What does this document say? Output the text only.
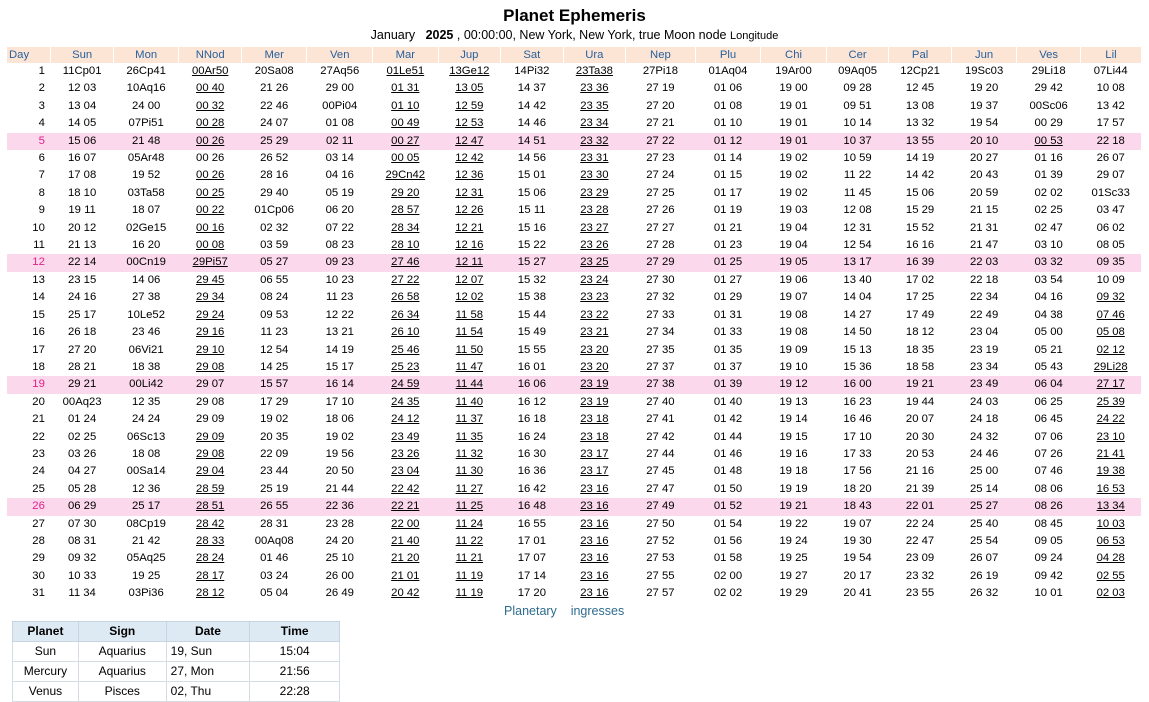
Planet Ephemeris
January 2025 , 00:00:00, New York, New York, true Moon node Longitude
Day	Sun	Mon	NNod	Mer	Ven	Mar	Jup	Sat	Ura	Nep	Plu	Chi	Cer	Pal	Jun	Ves	Lil
1	11Cp01	26Cp41	00Ar50	20Sa08	27Aq56	01Le51	13Ge12	14Pi32	23Ta38	27Pi18	01Aq04	19Ar00	09Aq05	12Cp21	19Sc03	29Li18	07Li44
2	12 03	10Aq16	00 40	21 26	29 00	01 31	13 05	14 37	23 36	27 19	01 06	19 00	09 28	12 45	19 20	29 42	10 08
3	13 04	24 00	00 32	22 46	00Pi04	01 10	12 59	14 42	23 35	27 20	01 08	19 01	09 51	13 08	19 37	00Sc06	13 42
4	14 05	07Pi51	00 28	24 07	01 08	00 49	12 53	14 46	23 34	27 21	01 10	19 01	10 14	13 32	19 54	00 29	17 57
5	15 06	21 48	00 26	25 29	02 11	00 27	12 47	14 51	23 32	27 22	01 12	19 01	10 37	13 55	20 10	00 53	22 18
6	16 07	05Ar48	00 26	26 52	03 14	00 05	12 42	14 56	23 31	27 23	01 14	19 02	10 59	14 19	20 27	01 16	26 07
7	17 08	19 52	00 26	28 16	04 16	29Cn42	12 36	15 01	23 30	27 24	01 15	19 02	11 22	14 42	20 43	01 39	29 07
8	18 10	03Ta58	00 25	29 40	05 19	29 20	12 31	15 06	23 29	27 25	01 17	19 02	11 45	15 06	20 59	02 02	01Sc33
9	19 11	18 07	00 22	01Cp06	06 20	28 57	12 26	15 11	23 28	27 26	01 19	19 03	12 08	15 29	21 15	02 25	03 47
10	20 12	02Ge15	00 16	02 32	07 22	28 34	12 21	15 16	23 27	27 27	01 21	19 04	12 31	15 52	21 31	02 47	06 02
11	21 13	16 20	00 08	03 59	08 23	28 10	12 16	15 22	23 26	27 28	01 23	19 04	12 54	16 16	21 47	03 10	08 05
12	22 14	00Cn19	29Pi57	05 27	09 23	27 46	12 11	15 27	23 25	27 29	01 25	19 05	13 17	16 39	22 03	03 32	09 35
13	23 15	14 06	29 45	06 55	10 23	27 22	12 07	15 32	23 24	27 30	01 27	19 06	13 40	17 02	22 18	03 54	10 09
14	24 16	27 38	29 34	08 24	11 23	26 58	12 02	15 38	23 23	27 32	01 29	19 07	14 04	17 25	22 34	04 16	09 32
15	25 17	10Le52	29 24	09 53	12 22	26 34	11 58	15 44	23 22	27 33	01 31	19 08	14 27	17 49	22 49	04 38	07 46
16	26 18	23 46	29 16	11 23	13 21	26 10	11 54	15 49	23 21	27 34	01 33	19 08	14 50	18 12	23 04	05 00	05 08
17	27 20	06Vi21	29 10	12 54	14 19	25 46	11 50	15 55	23 20	27 35	01 35	19 09	15 13	18 35	23 19	05 21	02 12
18	28 21	18 38	29 08	14 25	15 17	25 23	11 47	16 01	23 20	27 37	01 37	19 10	15 36	18 58	23 34	05 43	29Li28
19	29 21	00Li42	29 07	15 57	16 14	24 59	11 44	16 06	23 19	27 38	01 39	19 12	16 00	19 21	23 49	06 04	27 17
20	00Aq23	12 35	29 08	17 29	17 10	24 35	11 40	16 12	23 19	27 40	01 40	19 13	16 23	19 44	24 03	06 25	25 39
21	01 24	24 24	29 09	19 02	18 06	24 12	11 37	16 18	23 18	27 41	01 42	19 14	16 46	20 07	24 18	06 45	24 22
22	02 25	06Sc13	29 09	20 35	19 02	23 49	11 35	16 24	23 18	27 42	01 44	19 15	17 10	20 30	24 32	07 06	23 10
23	03 26	18 08	29 08	22 09	19 56	23 26	11 32	16 30	23 17	27 44	01 46	19 16	17 33	20 53	24 46	07 26	21 41
24	04 27	00Sa14	29 04	23 44	20 50	23 04	11 30	16 36	23 17	27 45	01 48	19 18	17 56	21 16	25 00	07 46	19 38
25	05 28	12 36	28 59	25 19	21 44	22 42	11 27	16 42	23 16	27 47	01 50	19 19	18 20	21 39	25 14	08 06	16 53
26	06 29	25 17	28 51	26 55	22 36	22 21	11 25	16 48	23 16	27 49	01 52	19 21	18 43	22 01	25 27	08 26	13 34
27	07 30	08Cp19	28 42	28 31	23 28	22 00	11 24	16 55	23 16	27 50	01 54	19 22	19 07	22 24	25 40	08 45	10 03
28	08 31	21 42	28 33	00Aq08	24 20	21 40	11 22	17 01	23 16	27 52	01 56	19 24	19 30	22 47	25 54	09 05	06 53
29	09 32	05Aq25	28 24	01 46	25 10	21 20	11 21	17 07	23 16	27 53	01 58	19 25	19 54	23 09	26 07	09 24	04 28
30	10 33	19 25	28 17	03 24	26 00	21 01	11 19	17 14	23 16	27 55	02 00	19 27	20 17	23 32	26 19	09 42	02 55
31	11 34	03Pi36	28 12	05 04	26 49	20 42	11 19	17 20	23 16	27 57	02 02	19 29	20 41	23 55	26 32	10 01	02 03
Planetary    ingresses
Planet	Sign	Date	Time
Sun	Aquarius	19, Sun	15:04
Mercury	Aquarius	27, Mon	21:56
Venus	Pisces	02, Thu	22:28
